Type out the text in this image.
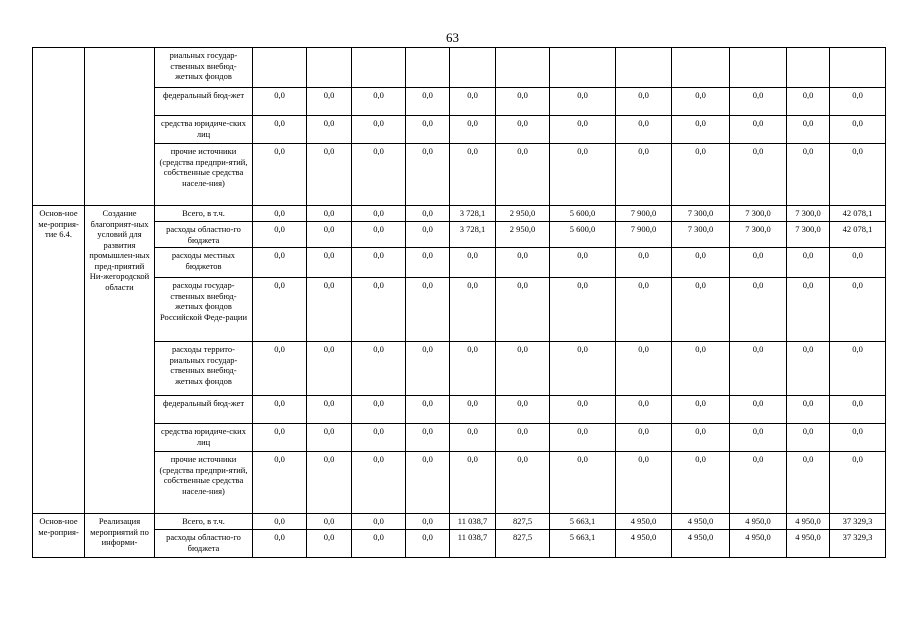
63
		риальных государ-ственных внебюд-жетных фондов												
		федеральный бюд-жет	0,0	0,0	0,0	0,0	0,0	0,0	0,0	0,0	0,0	0,0	0,0	0,0
		средства юридиче-ских лиц	0,0	0,0	0,0	0,0	0,0	0,0	0,0	0,0	0,0	0,0	0,0	0,0
		прочие источники (средства предпри-ятий, собственные средства населе-ния)	0,0	0,0	0,0	0,0	0,0	0,0	0,0	0,0	0,0	0,0	0,0	0,0
Основ-ное ме-роприя-тие 6.4.	Создание благоприят-ных условий для развития промышлен-ных пред-приятий Ни-жегородской области	Всего, в т.ч.	0,0	0,0	0,0	0,0	3 728,1	2 950,0	5 600,0	7 900,0	7 300,0	7 300,0	7 300,0	42 078,1
		расходы областно-го бюджета	0,0	0,0	0,0	0,0	3 728,1	2 950,0	5 600,0	7 900,0	7 300,0	7 300,0	7 300,0	42 078,1
		расходы местных бюджетов	0,0	0,0	0,0	0,0	0,0	0,0	0,0	0,0	0,0	0,0	0,0	0,0
		расходы государ-ственных внебюд-жетных фондов Российской Феде-рации	0,0	0,0	0,0	0,0	0,0	0,0	0,0	0,0	0,0	0,0	0,0	0,0
		расходы террито-риальных государ-ственных внебюд-жетных фондов	0,0	0,0	0,0	0,0	0,0	0,0	0,0	0,0	0,0	0,0	0,0	0,0
		федеральный бюд-жет	0,0	0,0	0,0	0,0	0,0	0,0	0,0	0,0	0,0	0,0	0,0	0,0
		средства юридиче-ских лиц	0,0	0,0	0,0	0,0	0,0	0,0	0,0	0,0	0,0	0,0	0,0	0,0
		прочие источники (средства предпри-ятий, собственные средства населе-ния)	0,0	0,0	0,0	0,0	0,0	0,0	0,0	0,0	0,0	0,0	0,0	0,0
Основ-ное ме-роприя-	Реализация мероприятий по информи-	Всего, в т.ч.	0,0	0,0	0,0	0,0	11 038,7	827,5	5 663,1	4 950,0	4 950,0	4 950,0	4 950,0	37 329,3
		расходы областно-го бюджета	0,0	0,0	0,0	0,0	11 038,7	827,5	5 663,1	4 950,0	4 950,0	4 950,0	4 950,0	37 329,3
